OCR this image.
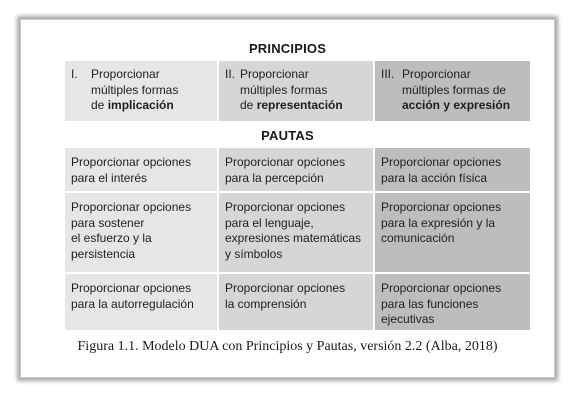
PRINCIPIOS
I. Proporcionar
múltiples formas
de implicación
II. Proporcionar
múltiples formas
de representación
III. Proporcionar
múltiples formas de
acción y expresión
PAUTAS
Proporcionar opciones
para el interés
Proporcionar opciones
para la percepción
Proporcionar opciones
para la acción física
Proporcionar opciones
para sostener
el esfuerzo y la
persistencia
Proporcionar opciones
para el lenguaje,
expresiones matemáticas
y símbolos
Proporcionar opciones
para la expresión y la
comunicación
Proporcionar opciones
para la autorregulación
Proporcionar opciones
la comprensión
Proporcionar opciones
para las funciones
ejecutivas
Figura 1.1. Modelo DUA con Principios y Pautas, versión 2.2 (Alba, 2018)
